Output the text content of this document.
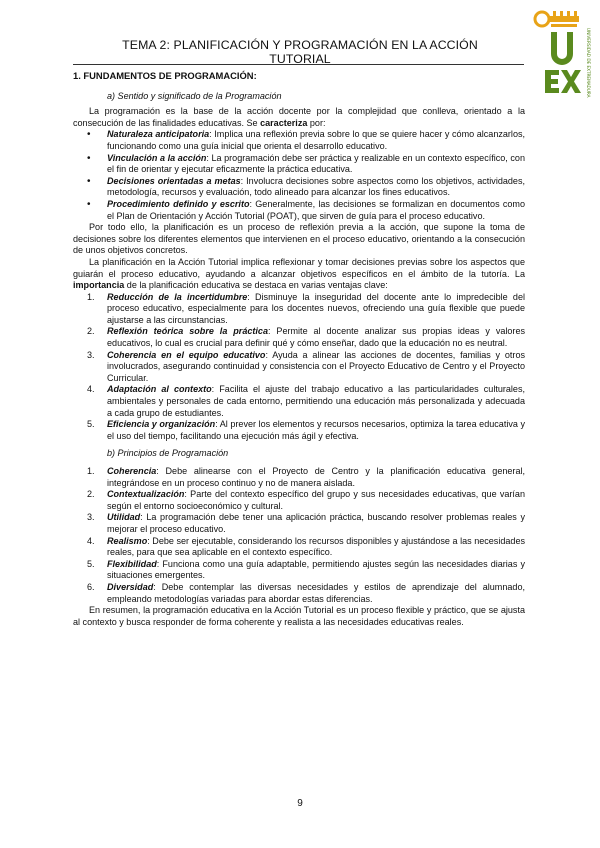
TEMA 2: PLANIFICACIÓN Y PROGRAMACIÓN EN LA ACCIÓN TUTORIAL	UNIVERSIDAD DE EXTREMADURA
1. FUNDAMENTOS DE PROGRAMACIÓN:
a) Sentido y significado de la Programación

La programación es la base de la acción docente por la complejidad que conlleva, orientado a la consecución de las finalidades educativas. Se caracteriza por:

• Naturaleza anticipatoria: Implica una reflexión previa sobre lo que se quiere hacer y cómo alcanzarlos, funcionando como una guía inicial que orienta el desarrollo educativo.
• Vinculación a la acción: La programación debe ser práctica y realizable en un contexto específico, con el fin de orientar y ejecutar eficazmente la práctica educativa.
• Decisiones orientadas a metas: Involucra decisiones sobre aspectos como los objetivos, actividades, metodología, recursos y evaluación, todo alineado para alcanzar los fines educativos.
• Procedimiento definido y escrito: Generalmente, las decisiones se formalizan en documentos como el Plan de Orientación y Acción Tutorial (POAT), que sirven de guía para el proceso educativo.

Por todo ello, la planificación es un proceso de reflexión previa a la acción, que supone la toma de decisiones sobre los diferentes elementos que intervienen en el proceso educativo, orientando a la consecución de unos objetivos concretos.

La planificación en la Acción Tutorial implica reflexionar y tomar decisiones previas sobre los aspectos que guiarán el proceso educativo, ayudando a alcanzar objetivos específicos en el ámbito de la tutoría. La importancia de la planificación educativa se destaca en varias ventajas clave:

1. Reducción de la incertidumbre: Disminuye la inseguridad del docente ante lo impredecible del proceso educativo, especialmente para los docentes nuevos, ofreciendo una guía flexible que puede ajustarse a las circunstancias.
2. Reflexión teórica sobre la práctica: Permite al docente analizar sus propias ideas y valores educativos, lo cual es crucial para definir qué y cómo enseñar, dado que la educación no es neutral.
3. Coherencia en el equipo educativo: Ayuda a alinear las acciones de docentes, familias y otros involucrados, asegurando continuidad y consistencia con el Proyecto Educativo de Centro y el Proyecto Curricular.
4. Adaptación al contexto: Facilita el ajuste del trabajo educativo a las particularidades culturales, ambientales y personales de cada entorno, permitiendo una educación más personalizada y adecuada a cada grupo de estudiantes.
5. Eficiencia y organización: Al prever los elementos y recursos necesarios, optimiza la tarea educativa y el uso del tiempo, facilitando una ejecución más ágil y efectiva.
b) Principios de Programación
1. Coherencia: Debe alinearse con el Proyecto de Centro y la planificación educativa general, integrándose en un proceso continuo y no de manera aislada.
2. Contextualización: Parte del contexto específico del grupo y sus necesidades educativas, que varían según el entorno socioeconómico y cultural.
3. Utilidad: La programación debe tener una aplicación práctica, buscando resolver problemas reales y mejorar el proceso educativo.
4. Realismo: Debe ser ejecutable, considerando los recursos disponibles y ajustándose a las necesidades reales, para que sea aplicable en el contexto específico.
5. Flexibilidad: Funciona como una guía adaptable, permitiendo ajustes según las necesidades diarias y situaciones emergentes.
6. Diversidad: Debe contemplar las diversas necesidades y estilos de aprendizaje del alumnado, empleando metodologías variadas para abordar estas diferencias.

En resumen, la programación educativa en la Acción Tutorial es un proceso flexible y práctico, que se ajusta al contexto y busca responder de forma coherente y realista a las necesidades educativas reales.

9
